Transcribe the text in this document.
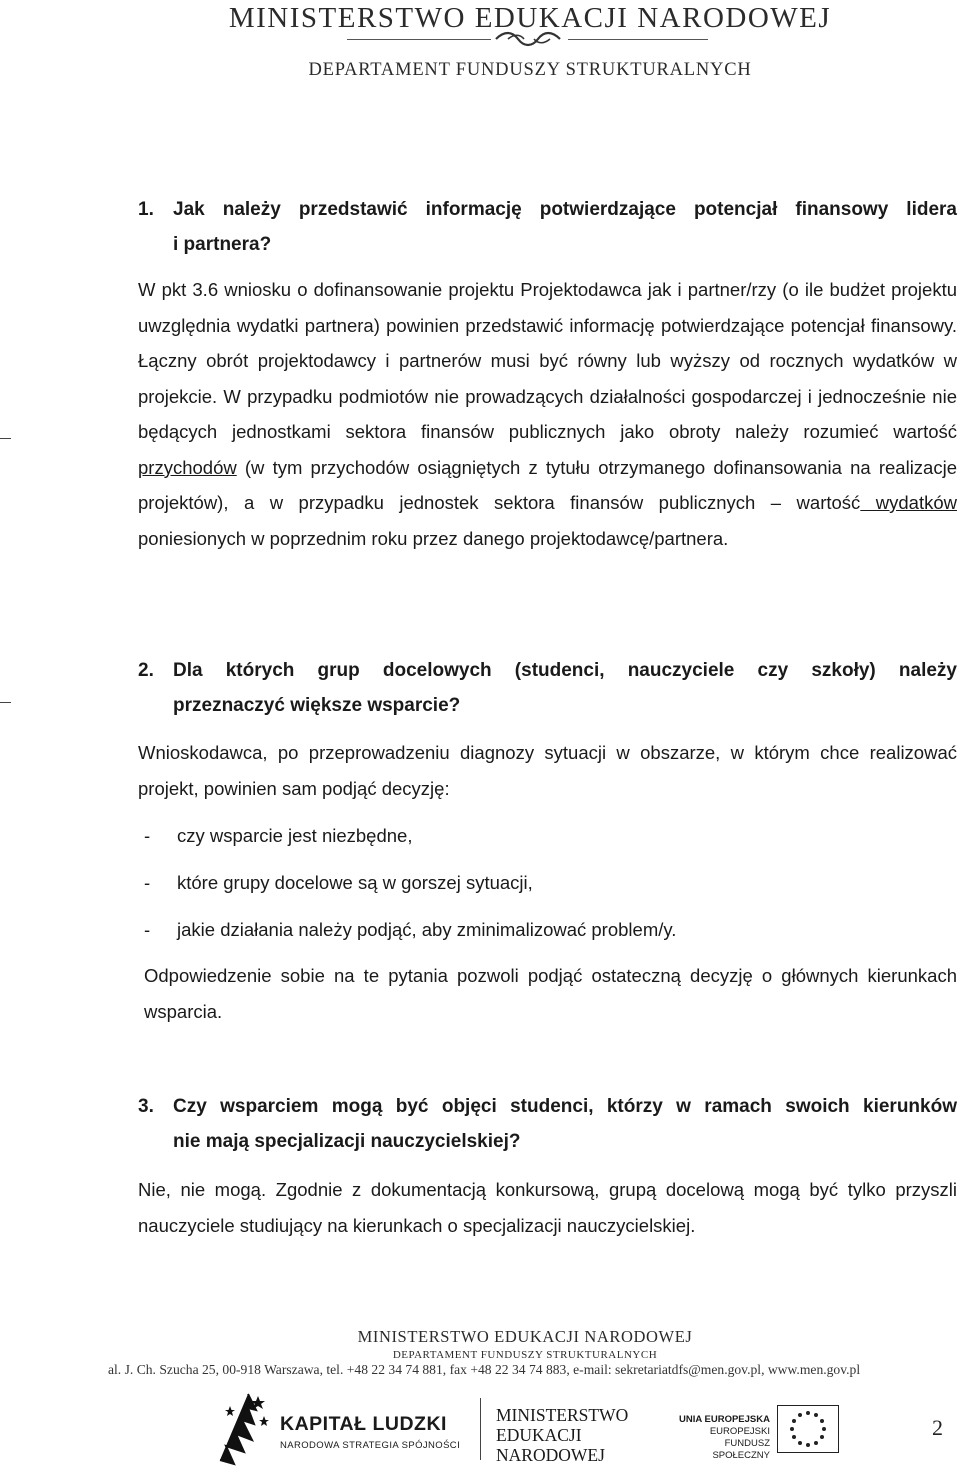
MINISTERSTWO EDUKACJI NARODOWEJ
DEPARTAMENT FUNDUSZY STRUKTURALNYCH
1. Jak należy przedstawić informację potwierdzające potencjał finansowy lidera
i partnera?
W pkt 3.6 wniosku o dofinansowanie projektu Projektodawca jak i partner/rzy (o ile budżet projektu uwzględnia wydatki partnera) powinien przedstawić informację potwierdzające potencjał finansowy. Łączny obrót projektodawcy i partnerów musi być równy lub wyższy od rocznych wydatków w projekcie. W przypadku podmiotów nie prowadzących działalności gospodarczej i jednocześnie nie będących jednostkami sektora finansów publicznych jako obroty należy rozumieć wartość przychodów (w tym przychodów osiągniętych z tytułu otrzymanego dofinansowania na realizacje projektów), a w przypadku jednostek sektora finansów publicznych – wartość wydatków poniesionych w poprzednim roku przez danego projektodawcę/partnera.
2. Dla których grup docelowych (studenci, nauczyciele czy szkoły) należy
przeznaczyć większe wsparcie?
Wnioskodawca, po przeprowadzeniu diagnozy sytuacji w obszarze, w którym chce realizować projekt, powinien sam podjąć decyzję:
- czy wsparcie jest niezbędne,
- które grupy docelowe są w gorszej sytuacji,
- jakie działania należy podjąć, aby zminimalizować problem/y.
Odpowiedzenie sobie na te pytania pozwoli podjąć ostateczną decyzję o głównych kierunkach wsparcia.
3. Czy wsparciem mogą być objęci studenci, którzy w ramach swoich kierunków
nie mają specjalizacji nauczycielskiej?
Nie, nie mogą. Zgodnie z dokumentacją konkursową, grupą docelową mogą być tylko przyszli nauczyciele studiujący na kierunkach o specjalizacji nauczycielskiej.
MINISTERSTWO EDUKACJI NARODOWEJ
DEPARTAMENT FUNDUSZY STRUKTURALNYCH
al. J. Ch. Szucha 25, 00-918 Warszawa, tel. +48 22 34 74 881, fax +48 22 34 74 883, e-mail: sekretariatdfs@men.gov.pl, www.men.gov.pl
KAPITAŁ LUDZKI
NARODOWA STRATEGIA SPÓJNOŚCI
MINISTERSTWO
EDUKACJI
NARODOWEJ
UNIA EUROPEJSKA
EUROPEJSKI
FUNDUSZ SPOŁECZNY
2
